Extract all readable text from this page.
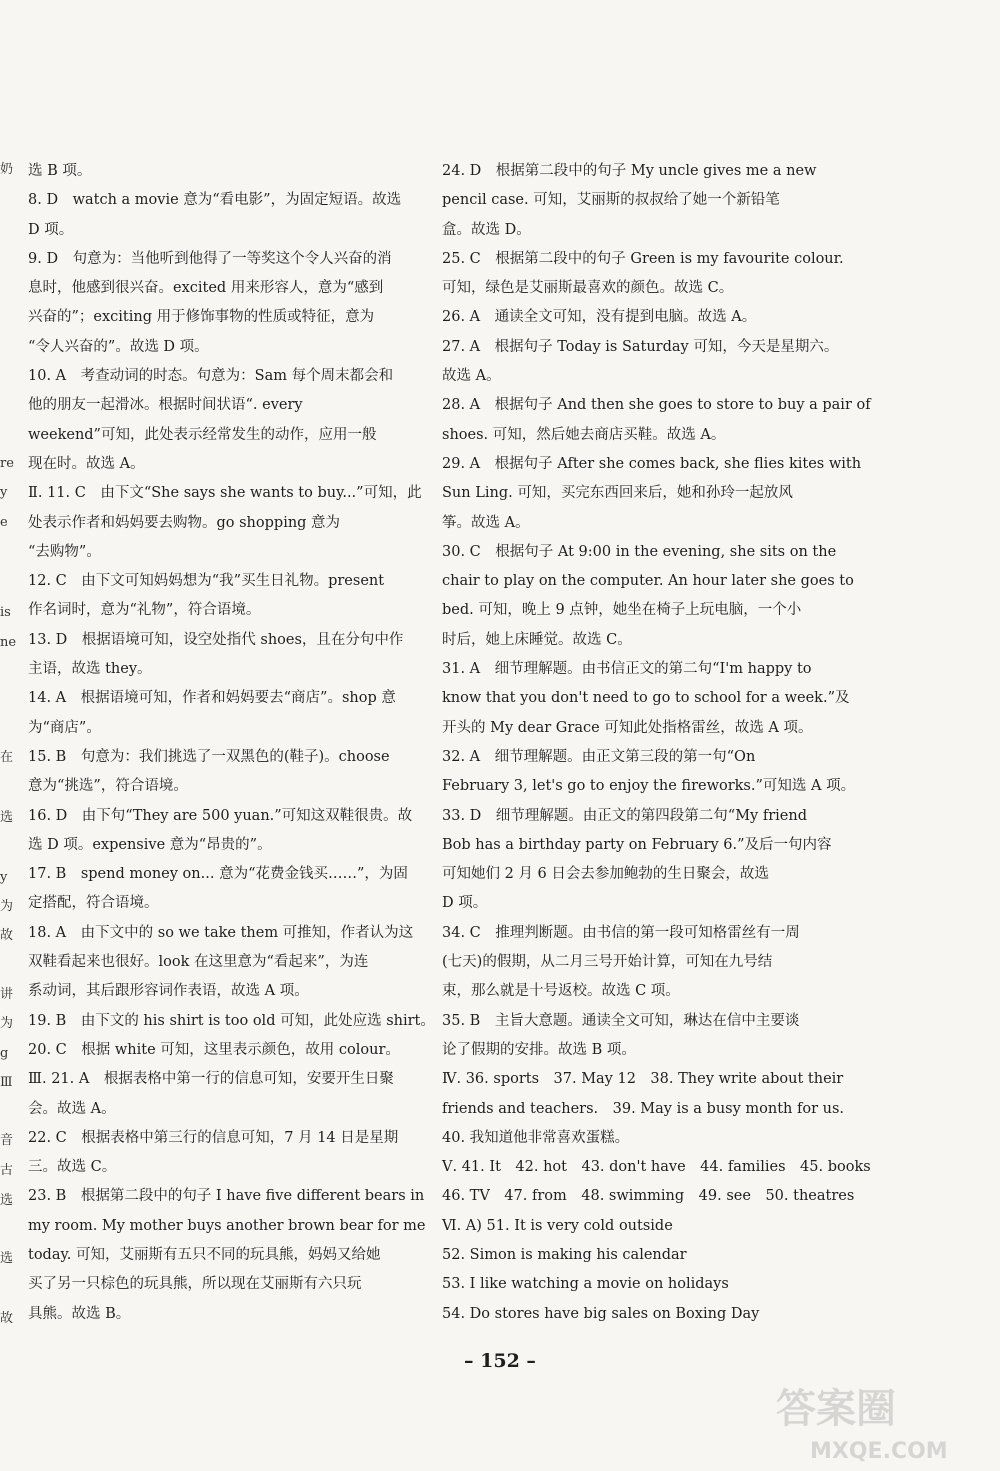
奶
re
y
e
is
ne
在
选
y
为
故
讲
为
g
Ⅲ
音
古
选
选
故
选 B 项。
8. D　watch a movie 意为“看电影”，为固定短语。故选
D 项。
9. D　句意为：当他听到他得了一等奖这个令人兴奋的消
息时，他感到很兴奋。excited 用来形容人，意为“感到
兴奋的”；exciting 用于修饰事物的性质或特征，意为
“令人兴奋的”。故选 D 项。
10. A　考查动词的时态。句意为：Sam 每个周末都会和
他的朋友一起滑冰。根据时间状语“. every
weekend”可知，此处表示经常发生的动作，应用一般
现在时。故选 A。
Ⅱ. 11. C　由下文“She says she wants to buy...”可知，此
处表示作者和妈妈要去购物。go shopping 意为
“去购物”。
12. C　由下文可知妈妈想为“我”买生日礼物。present
作名词时，意为“礼物”，符合语境。
13. D　根据语境可知，设空处指代 shoes，且在分句中作
主语，故选 they。
14. A　根据语境可知，作者和妈妈要去“商店”。shop 意
为“商店”。
15. B　句意为：我们挑选了一双黑色的(鞋子)。choose
意为“挑选”，符合语境。
16. D　由下句“They are 500 yuan.”可知这双鞋很贵。故
选 D 项。expensive 意为“昂贵的”。
17. B　spend money on... 意为“花费金钱买……”，为固
定搭配，符合语境。
18. A　由下文中的 so we take them 可推知，作者认为这
双鞋看起来也很好。look 在这里意为“看起来”，为连
系动词，其后跟形容词作表语，故选 A 项。
19. B　由下文的 his shirt is too old 可知，此处应选 shirt。
20. C　根据 white 可知，这里表示颜色，故用 colour。
Ⅲ. 21. A　根据表格中第一行的信息可知，安要开生日聚
会。故选 A。
22. C　根据表格中第三行的信息可知，7 月 14 日是星期
三。故选 C。
23. B　根据第二段中的句子 I have five different bears in
my room. My mother buys another brown bear for me
today. 可知，艾丽斯有五只不同的玩具熊，妈妈又给她
买了另一只棕色的玩具熊，所以现在艾丽斯有六只玩
具熊。故选 B。
24. D　根据第二段中的句子 My uncle gives me a new
pencil case. 可知，艾丽斯的叔叔给了她一个新铅笔
盒。故选 D。
25. C　根据第二段中的句子 Green is my favourite colour.
可知，绿色是艾丽斯最喜欢的颜色。故选 C。
26. A　通读全文可知，没有提到电脑。故选 A。
27. A　根据句子 Today is Saturday 可知，今天是星期六。
故选 A。
28. A　根据句子 And then she goes to store to buy a pair of
shoes. 可知，然后她去商店买鞋。故选 A。
29. A　根据句子 After she comes back, she flies kites with
Sun Ling. 可知，买完东西回来后，她和孙玲一起放风
筝。故选 A。
30. C　根据句子 At 9:00 in the evening, she sits on the
chair to play on the computer. An hour later she goes to
bed. 可知，晚上 9 点钟，她坐在椅子上玩电脑，一个小
时后，她上床睡觉。故选 C。
31. A　细节理解题。由书信正文的第二句“I'm happy to
know that you don't need to go to school for a week.”及
开头的 My dear Grace 可知此处指格雷丝，故选 A 项。
32. A　细节理解题。由正文第三段的第一句“On
February 3, let's go to enjoy the fireworks.”可知选 A 项。
33. D　细节理解题。由正文的第四段第二句“My friend
Bob has a birthday party on February 6.”及后一句内容
可知她们 2 月 6 日会去参加鲍勃的生日聚会，故选
D 项。
34. C　推理判断题。由书信的第一段可知格雷丝有一周
(七天)的假期，从二月三号开始计算，可知在九号结
束，那么就是十号返校。故选 C 项。
35. B　主旨大意题。通读全文可知，琳达在信中主要谈
论了假期的安排。故选 B 项。
Ⅳ. 36. sports　37. May 12　38. They write about their
friends and teachers.　39. May is a busy month for us.
40. 我知道他非常喜欢蛋糕。
Ⅴ. 41. It　42. hot　43. don't have　44. families　45. books
46. TV　47. from　48. swimming　49. see　50. theatres
Ⅵ. A) 51. It is very cold outside
52. Simon is making his calendar
53. I like watching a movie on holidays
54. Do stores have big sales on Boxing Day
– 152 –
答案圈
MXQE.COM
